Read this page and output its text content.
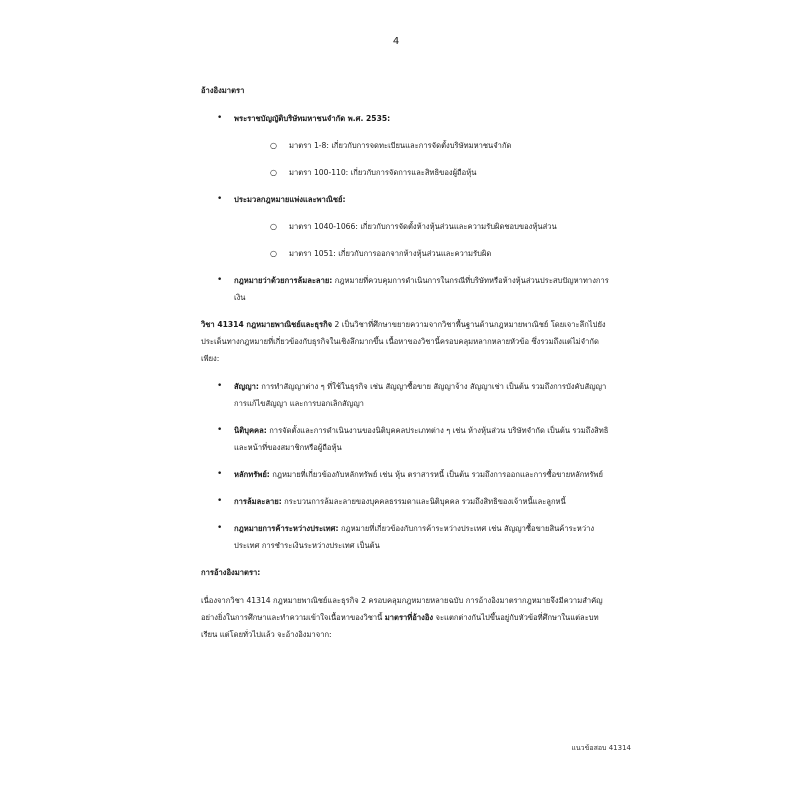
4
อ้างอิงมาตรา
• พระราชบัญญัติบริษัทมหาชนจำกัด พ.ศ. 2535:
○ มาตรา 1-8: เกี่ยวกับการจดทะเบียนและการจัดตั้งบริษัทมหาชนจำกัด
○ มาตรา 100-110: เกี่ยวกับการจัดการและสิทธิของผู้ถือหุ้น
• ประมวลกฎหมายแพ่งและพาณิชย์:
○ มาตรา 1040-1066: เกี่ยวกับการจัดตั้งห้างหุ้นส่วนและความรับผิดชอบของหุ้นส่วน
○ มาตรา 1051: เกี่ยวกับการออกจากห้างหุ้นส่วนและความรับผิด
• กฎหมายว่าด้วยการล้มละลาย: กฎหมายที่ควบคุมการดำเนินการในกรณีที่บริษัทหรือห้างหุ้นส่วนประสบปัญหาทางการเงิน

วิชา 41314 กฎหมายพาณิชย์และธุรกิจ 2 เป็นวิชาที่ศึกษาขยายความจากวิชาพื้นฐานด้านกฎหมายพาณิชย์ โดยเจาะลึกไปยังประเด็นทางกฎหมายที่เกี่ยวข้องกับธุรกิจในเชิงลึกมากขึ้น เนื้อหาของวิชานี้ครอบคลุมหลากหลายหัวข้อ ซึ่งรวมถึงแต่ไม่จำกัดเพียง:

• สัญญา: การทำสัญญาต่าง ๆ ที่ใช้ในธุรกิจ เช่น สัญญาซื้อขาย สัญญาจ้าง สัญญาเช่า เป็นต้น รวมถึงการบังคับสัญญา การแก้ไขสัญญา และการบอกเลิกสัญญา
• นิติบุคคล: การจัดตั้งและการดำเนินงานของนิติบุคคลประเภทต่าง ๆ เช่น ห้างหุ้นส่วน บริษัทจำกัด เป็นต้น รวมถึงสิทธิและหน้าที่ของสมาชิกหรือผู้ถือหุ้น
• หลักทรัพย์: กฎหมายที่เกี่ยวข้องกับหลักทรัพย์ เช่น หุ้น ตราสารหนี้ เป็นต้น รวมถึงการออกและการซื้อขายหลักทรัพย์
• การล้มละลาย: กระบวนการล้มละลายของบุคคลธรรมดาและนิติบุคคล รวมถึงสิทธิของเจ้าหนี้และลูกหนี้
• กฎหมายการค้าระหว่างประเทศ: กฎหมายที่เกี่ยวข้องกับการค้าระหว่างประเทศ เช่น สัญญาซื้อขายสินค้าระหว่างประเทศ การชำระเงินระหว่างประเทศ เป็นต้น
การอ้างอิงมาตรา:

เนื่องจากวิชา 41314 กฎหมายพาณิชย์และธุรกิจ 2 ครอบคลุมกฎหมายหลายฉบับ การอ้างอิงมาตรากฎหมายจึงมีความสำคัญอย่างยิ่งในการศึกษาและทำความเข้าใจเนื้อหาของวิชานี้ มาตราที่อ้างอิง จะแตกต่างกันไปขึ้นอยู่กับหัวข้อที่ศึกษาในแต่ละบทเรียน แต่โดยทั่วไปแล้ว จะอ้างอิงมาจาก:

แนวข้อสอบ 41314
